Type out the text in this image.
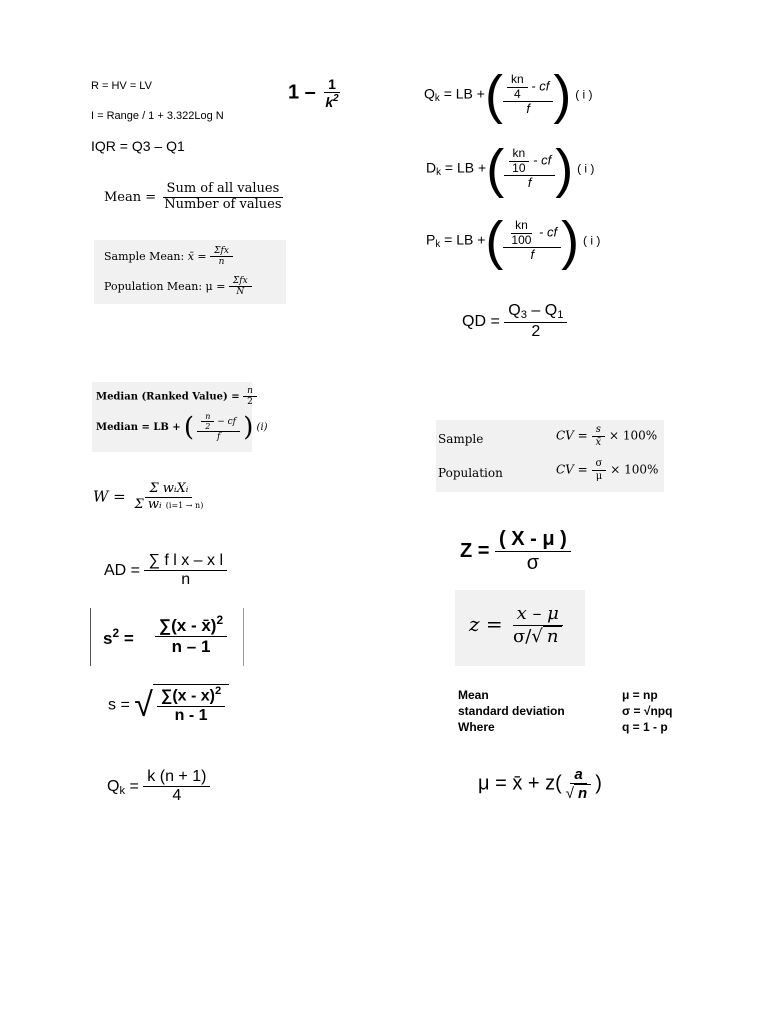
R = HV = LV
I = Range / 1 + 3.322Log N
IQR = Q3 – Q1
Mean = $\frac{\text{Sum of all values}}{\text{Number of values}}$
Sample Mean: x̄ = $\frac{\text{Σfx}}{n}$
Population Mean: $\mu = \frac{\text{Σfx}}{N}$
Median (Ranked Value) = $\frac{n}{2}$
Median = LB + ( $\frac{\frac{n}{2} - cf}{f}$ ) (i)
$W = \frac{\text{Σ wᵢXᵢ}}{\text{Σ wᵢ (i=1 → n)}}$
AD = $\frac{\text{∑ f l x – x l}}{n}$
$s^2 = \frac{\sum(x - x̄)^2}{n - 1}$
s = √ $\frac{\sum(x - x)^2}{n - 1}$
$Q_k = \frac{k (n + 1)}{4}$
$1 - \frac{1}{k^2}$	$Q_k$ = LB +( $\frac{\frac{kn}{4} - cf}{f}$ ) ( i )
$D_k$ = LB +( $\frac{\frac{kn}{10} - cf}{f}$ ) ( i )
$P_k$ = LB +( $\frac{\frac{kn}{100} - cf}{f}$ ) ( i )
QD = $\frac{Q_3 - Q_1}{2}$
Sample	CV = $\frac{s}{x̄} \times 100\%$
Population	CV = $\frac{\sigma}{\mu} \times 100\%$
$Z = \frac{( X - \mu )}{\sigma}$
$z = \frac{x - \mu}{\sigma/√ n}$
Mean	μ = np
standard deviation	σ = √npq
Where	q = 1 - p
μ = x̄ + $z( \frac{a}{√ n}$ )
